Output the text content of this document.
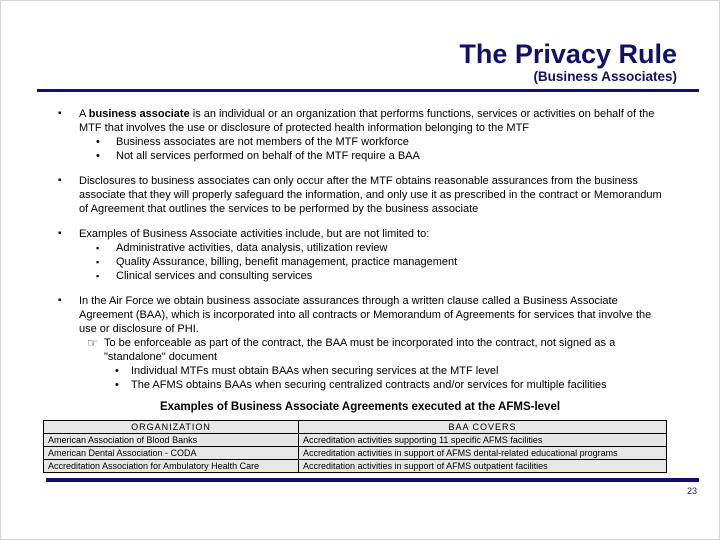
The Privacy Rule
(Business Associates)
▪	A business associate is an individual or an organization that performs functions, services or activities on behalf of the MTF that involves the use or disclosure of protected health information belonging to the MTF
•	Business associates are not members of the MTF workforce
•	Not all services performed on behalf of the MTF require a BAA
▪	Disclosures to business associates can only occur after the MTF obtains reasonable assurances from the business associate that they will properly safeguard the information, and only use it as prescribed in the contract or Memorandum of Agreement that outlines the services to be performed by the business associate
▪	Examples of Business Associate activities include, but are not limited to:
▪	Administrative activities, data analysis, utilization review
▪	Quality Assurance, billing, benefit management, practice management
▪	Clinical services and consulting services
▪	In the Air Force we obtain business associate assurances through a written clause called a Business Associate Agreement (BAA), which is incorporated into all contracts or Memorandum of Agreements for services that involve the use or disclosure of PHI.
☞ To be enforceable as part of the contract, the BAA must be incorporated into the contract, not signed as a "standalone" document
•	Individual MTFs must obtain BAAs when securing services at the MTF level
•	The AFMS obtains BAAs when securing centralized contracts and/or services for multiple facilities
Examples of Business Associate Agreements executed at the AFMS-level
ORGANIZATION	BAA COVERS
American Association of Blood Banks	Accreditation activities supporting 11 specific AFMS facilities
American Dental Association - CODA	Accreditation activities in support of AFMS dental-related educational programs
Accreditation Association for Ambulatory Health Care	Accreditation activities in support of AFMS outpatient facilities
23
